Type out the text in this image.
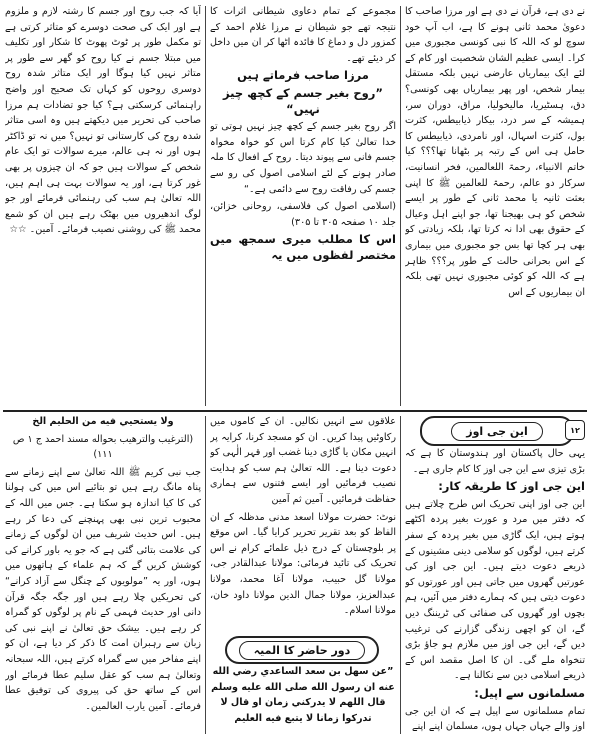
نے دی ہے، قرآن نے دی ہے اور مرزا صاحب کا دعویٰ محمد ثانی ہونے کا ہے، اب آپ خود سوچ لو کہ اللہ کا نبی کونسی مجبوری میں کرا۔ ایسی عظیم الشان شخصیت اور کام کے لئے ایک بیماریاں عارضی نہیں بلکہ مستقل بیمار شخص، اور پھر بیماریاں بھی کونسی؟ دق، ہسٹیریا، مالیخولیا، مراق، دوران سر، ہمیشہ کے سر درد، بیکار ذیابیطس، کثرت بول، کثرت اسہال، اور نامردی، ذیابیطس کا حامل ہی اس کے رتبہ پر بٹھانا تھا؟؟؟ کیا خاتم الانبیاء، رحمۃ اللعالمین، فخر انسانیت، سرکار دو عالم، رحمۃ للعالمین ﷺ کا اپنی بعثت ثانیہ یا محمد ثانی کے طور پر ایسے شخص کو ہی بھیجنا تھا، جو اپنے اہل وعیال کے حقوق بھی ادا نہ کرتا تھا، بلکہ زیادتی کو بھی ہر کچا تھا بس جو مجبوری میں بیماری کے اس بحرانی حالت کے طور پر؟؟؟ ظاہر ہے کہ اللہ کو کوئی مجبوری نہیں تھی بلکہ ان بیماریوں کے اس

مجموعے کے تمام دعاوی شیطانی اثرات کا نتیجہ تھے جو شیطان نے مرزا غلام احمد کے کمزور دل و دماغ کا فائدہ اٹھا کر ان میں داخل کر دیئے تھے۔

مرزا صاحب فرماتے ہیں

”روح بغیر جسم کے کچھ چیز نہیں“

اگر روح بغیر جسم کے کچھ چیز نہیں ہوتی تو خدا تعالیٰ کیا کام کرتا اس کو خواہ مخواہ جسم فانی سے پیوند دیتا۔ روح کے افعال کا ملہ صادر ہونے کے لئے اسلامی اصول کی رو سے جسم کی رفاقت روح سے دائمی ہے۔“

(اسلامی اصول کی فلاسفی، روحانی خزائن، جلد ۱۰ صفحہ ۳۰۵ تا ۳۰۵)

اس کا مطلب میری سمجھ میں مختصر لفظوں میں یہ

آیا کہ جب روح اور جسم کا رشتہ لازم و ملزوم ہے اور ایک کی صحت دوسرے کو متاثر کرتی ہے تو مکمل طور پر ٹوٹ پھوٹ کا شکار اور تکلیف میں مبتلا جسم نے کیا روح کو گھر سے طور پر متاثر نہیں کیا ہوگا اور ایک متاثر شدہ روح دوسری روحوں کو کہاں تک صحیح اور واضح راہنمائی کرسکتی ہے؟ کیا جو تضادات ہم مرزا صاحب کی تحریر میں دیکھتے ہیں وہ اسی متاثر شدہ روح کی کارستانی تو نہیں؟ میں نہ تو ڈاکٹر ہوں اور نہ ہی عالم، میرے سوالات تو ایک عام شخص کے سوالات ہیں جو کہ ان چیزوں پر بھی غور کرتا ہے، اور یہ سوالات بہت ہی اہم ہیں، اللہ تعالیٰ ہم سب کی رہنمائی فرمائے اور جو لوگ اندھیروں میں بھٹک رہے ہیں ان کو شمع محمد ﷺ کی روشنی نصیب فرمائے۔ آمین۔ ☆☆

این جی اوز	۱۲

یہی حال پاکستان اور ہندوستان کا ہے کہ بڑی تیزی سے این جی اوز کا کام جاری ہے۔

این جی اوز کا طریقہ کار:

این جی اوز اپنی تحریک اس طرح چلاتے ہیں کہ دفتر میں مرد و عورت بغیر پردہ اکٹھے ہوتے ہیں، ایک گاڑی میں بغیر پردہ کے سفر کرتے ہیں، لوگوں کو سلامی دینی مشینوں کے ذریعے دعوت دیتے ہیں۔ این جی اوز کی عورتیں گھروں میں جاتی ہیں اور عورتوں کو دعوت دیتی ہیں کہ ہمارے دفتر میں آئیں، ہم بچوں اور گھروں کی صفائی کی ٹریننگ دیں گے، ان کو اچھی زندگی گزارنے کی ترغیب دیں گے، این جی اوز میں ملازم ہو جاؤ بڑی تنخواہ ملے گی۔ ان کا اصل مقصد اس کے ذریعے اسلامی دین سے نکالنا ہے۔

مسلمانوں سے اپیل:

تمام مسلمانوں سے اپیل ہے کہ ان این جی اوز والے جہاں جہاں ہوں، مسلمان اپنے اپنے

علاقوں سے انہیں نکالیں۔ ان کے کاموں میں رکاوٹیں پیدا کریں۔ ان کو مسجد کرنا، کرایہ پر انہیں مکان یا گاڑی دینا غضب اور قہر الٰہی کو دعوت دینا ہے۔ اللہ تعالیٰ ہم سب کو ہدایت نصیب فرمائیں اور ایسے فتنوں سے ہماری حفاظت فرمائیں۔ آمین ثم آمین

نوٹ: حضرت مولانا اسعد مدنی مدظلہ کے ان الفاظ کو بعد تقریر تحریر کرایا گیا۔ اس موقع پر بلوچستان کے درج ذیل علمائے کرام نے اس تحریک کی تائید فرمائی: مولانا عبدالقادر جی، مولانا گل حبیب، مولانا آغا محمد، مولانا عبدالعزیز، مولانا جمال الدین مولانا داود خان، مولانا اسلام۔

دور حاضر کا المیہ

”عن سهل بن سعد الساعدي رضي الله عنه ان رسول الله صلى الله عليه وسلم قال اللهم لا يدركني زمان او قال لا تدركوا زمانا لا يتبع فيه العليم

ولا يستحيي فيه من الحليم الخ

(الترغيب والترهيب بحواله مسند احمد ج ۱ ص ۱۱۱)

جب نبی کریم ﷺ اللہ تعالیٰ سے اپنے زمانے سے پناہ مانگ رہے ہیں تو بتائیے اس میں کی ہولنا کی کا کیا اندازہ ہو سکتا ہے۔ جس میں اللہ کے محبوب ترین نبی بھی پہنچنے کی دعا کر رہے ہیں۔ اس حدیث شریف میں ان لوگوں کے زمانے کی علامت بتائی گئی ہے کہ جو یہ باور کرانے کی کوشش کریں گے کہ ہم علماء کے ہاتھوں میں ہوں، اور یہ ”مولویوں کے چنگل سے آزاد کرانے“ کی تحریکیں چلا رہے ہیں اور جگہ جگہ قرآن دانی اور حدیث فہمی کے نام پر لوگوں کو گمراہ کر رہے ہیں۔ بیشک حق تعالیٰ نے اپنے نبی کی زبان سے رہبران امت کا ذکر کر دیا ہے، ان کو اپنے مفاخر میں سے گمراہ کرتے ہیں، اللہ سبحانہ وتعالیٰ ہم سب کو عقل سلیم عطا فرمائے اور اس کے ساتھ حق کی پیروی کی توفیق عطا فرمائے۔ آمین یارب العالمین۔
